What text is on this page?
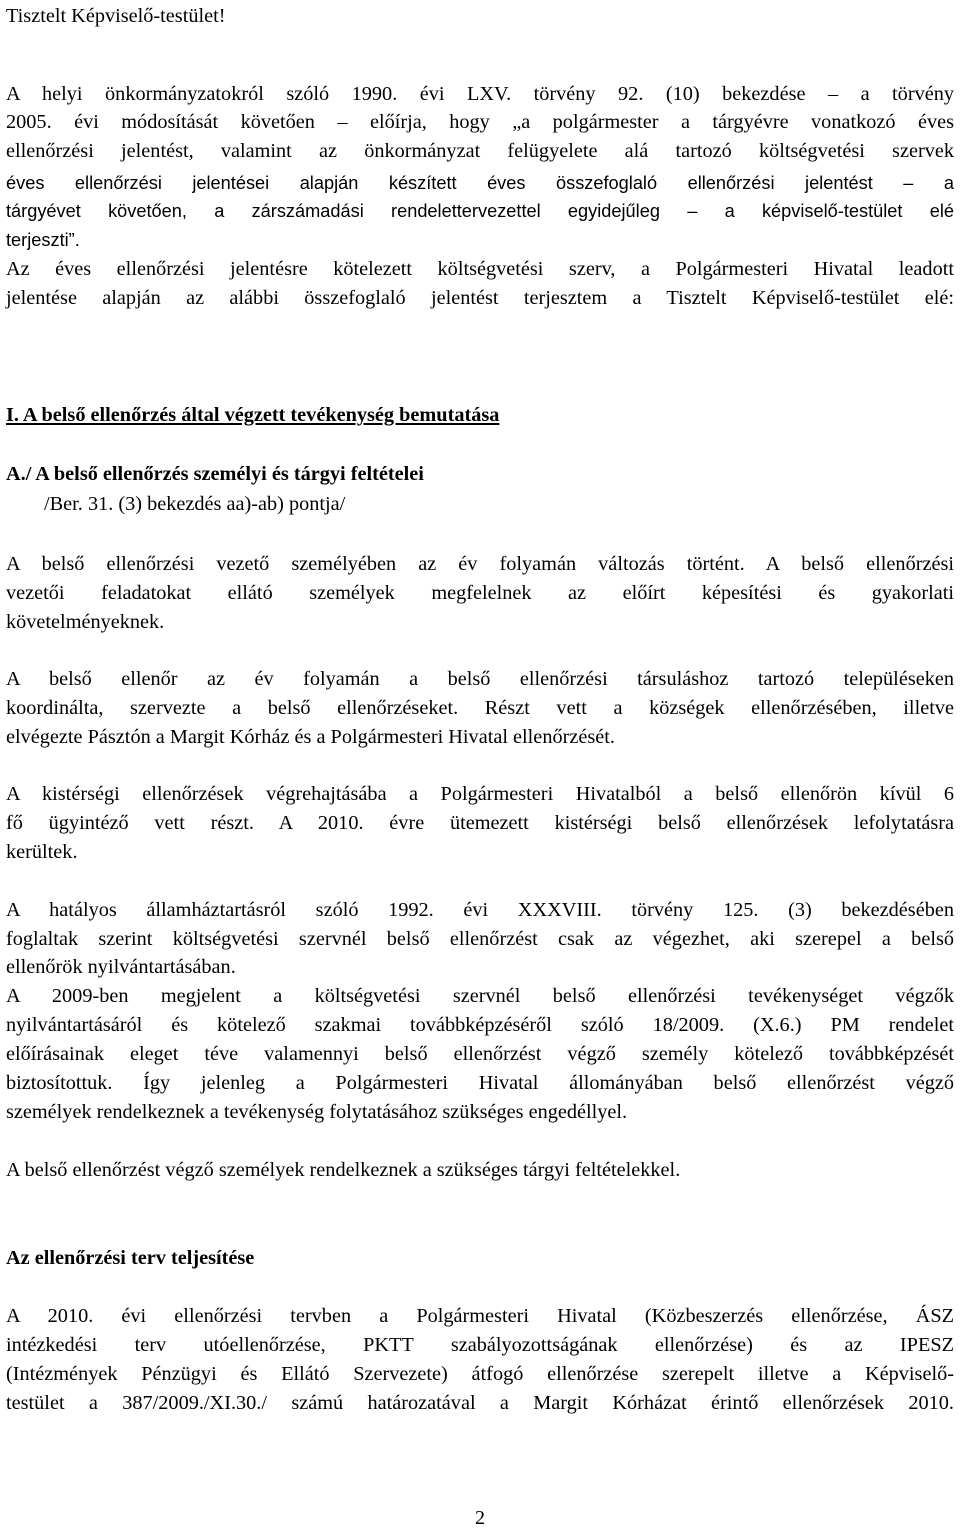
Tisztelt Képviselő-testület!
A helyi önkormányzatokról szóló 1990. évi LXV. törvény 92. (10) bekezdése – a törvény
2005. évi módosítását követően – előírja, hogy „a polgármester a tárgyévre vonatkozó éves
ellenőrzési jelentést, valamint az önkormányzat felügyelete alá tartozó költségvetési szervek
éves ellenőrzési jelentései alapján készített éves összefoglaló ellenőrzési jelentést – a
tárgyévet követően, a zárszámadási rendelettervezettel egyidejűleg – a képviselő-testület elé
terjeszti”.
Az éves ellenőrzési jelentésre kötelezett költségvetési szerv, a Polgármesteri Hivatal leadott
jelentése alapján az alábbi összefoglaló jelentést terjesztem a Tisztelt Képviselő-testület elé:
I. A belső ellenőrzés által végzett tevékenység bemutatása
A./ A belső ellenőrzés személyi és tárgyi feltételei
/Ber. 31. (3) bekezdés aa)-ab) pontja/
A belső ellenőrzési vezető személyében az év folyamán változás történt. A belső ellenőrzési
vezetői feladatokat ellátó személyek megfelelnek az előírt képesítési és gyakorlati
követelményeknek.
A belső ellenőr az év folyamán a belső ellenőrzési társuláshoz tartozó településeken
koordinálta, szervezte a belső ellenőrzéseket. Részt vett a községek ellenőrzésében, illetve
elvégezte Pásztón a Margit Kórház és a Polgármesteri Hivatal ellenőrzését.
A kistérségi ellenőrzések végrehajtásába a Polgármesteri Hivatalból a belső ellenőrön kívül 6
fő ügyintéző vett részt. A 2010. évre ütemezett kistérségi belső ellenőrzések lefolytatásra
kerültek.
A hatályos államháztartásról szóló 1992. évi XXXVIII. törvény 125. (3) bekezdésében
foglaltak szerint költségvetési szervnél belső ellenőrzést csak az végezhet, aki szerepel a belső
ellenőrök nyilvántartásában.
A 2009-ben megjelent a költségvetési szervnél belső ellenőrzési tevékenységet végzők
nyilvántartásáról és kötelező szakmai továbbképzéséről szóló 18/2009. (X.6.) PM rendelet
előírásainak eleget téve valamennyi belső ellenőrzést végző személy kötelező továbbképzését
biztosítottuk. Így jelenleg a Polgármesteri Hivatal állományában belső ellenőrzést végző
személyek rendelkeznek a tevékenység folytatásához szükséges engedéllyel.
A belső ellenőrzést végző személyek rendelkeznek a szükséges tárgyi feltételekkel.
Az ellenőrzési terv teljesítése
A 2010. évi ellenőrzési tervben a Polgármesteri Hivatal (Közbeszerzés ellenőrzése, ÁSZ
intézkedési terv utóellenőrzése, PKTT szabályozottságának ellenőrzése) és az IPESZ
(Intézmények Pénzügyi és Ellátó Szervezete) átfogó ellenőrzése szerepelt illetve a Képviselő-
testület a 387/2009./XI.30./ számú határozatával a Margit Kórházat érintő ellenőrzések 2010.
2
